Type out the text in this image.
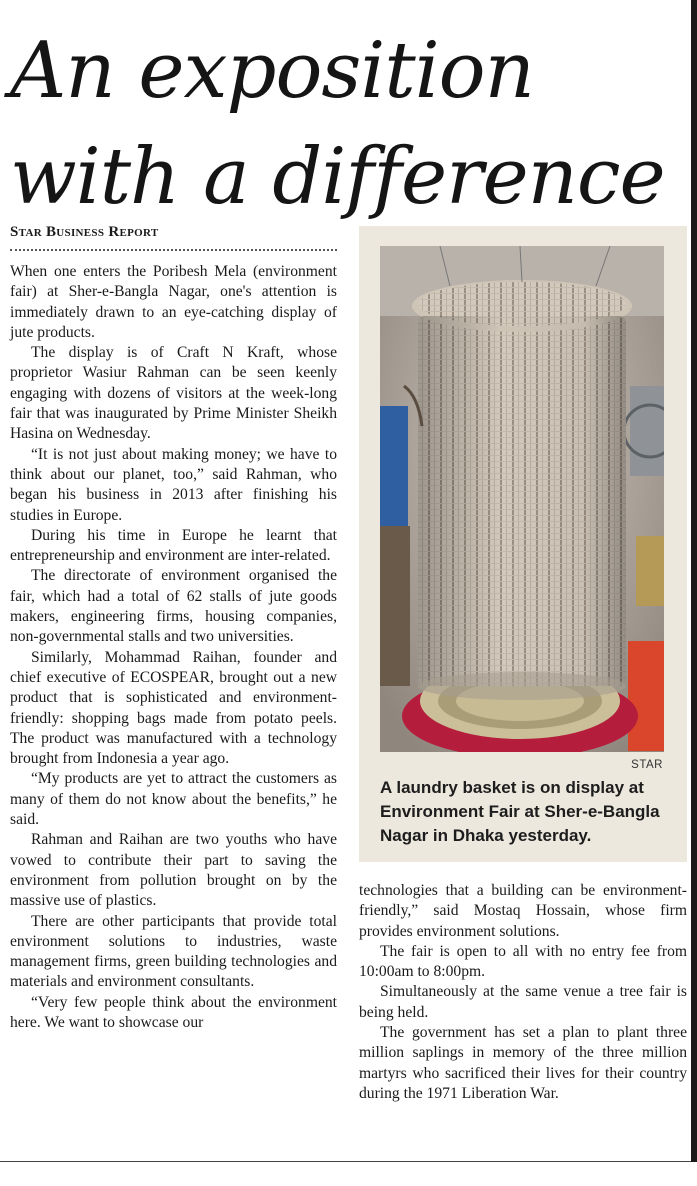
An exposition
with a difference
Star Business Report

When one enters the Poribesh Mela (environment fair) at Sher-e-Bangla Nagar, one's attention is immediately drawn to an eye-catching display of jute products.

The display is of Craft N Kraft, whose proprietor Wasiur Rahman can be seen keenly engaging with dozens of visitors at the week-long fair that was inaugurated by Prime Minister Sheikh Hasina on Wednesday.

“It is not just about making money; we have to think about our planet, too,” said Rahman, who began his business in 2013 after finishing his studies in Europe.

During his time in Europe he learnt that entrepreneurship and environment are inter-related.

The directorate of environment organised the fair, which had a total of 62 stalls of jute goods makers, engineering firms, housing companies, non-governmental stalls and two universities.

Similarly, Mohammad Raihan, founder and chief executive of ECOSPEAR, brought out a new product that is sophisticated and environment-friendly: shopping bags made from potato peels. The product was manufactured with a technology brought from Indonesia a year ago.

“My products are yet to attract the customers as many of them do not know about the benefits,” he said.

Rahman and Raihan are two youths who have vowed to contribute their part to saving the environment from pollution brought on by the massive use of plastics.

There are other participants that provide total environment solutions to industries, waste management firms, green building technologies and materials and environment consultants.

“Very few people think about the environment here. We want to showcase our

STAR
A laundry basket is on display at Environment Fair at Sher-e-Bangla Nagar in Dhaka yesterday.

technologies that a building can be environment-friendly,” said Mostaq Hossain, whose firm provides environment solutions.

The fair is open to all with no entry fee from 10:00am to 8:00pm.

Simultaneously at the same venue a tree fair is being held.

The government has set a plan to plant three million saplings in memory of the three million martyrs who sacrificed their lives for their country during the 1971 Liberation War.
